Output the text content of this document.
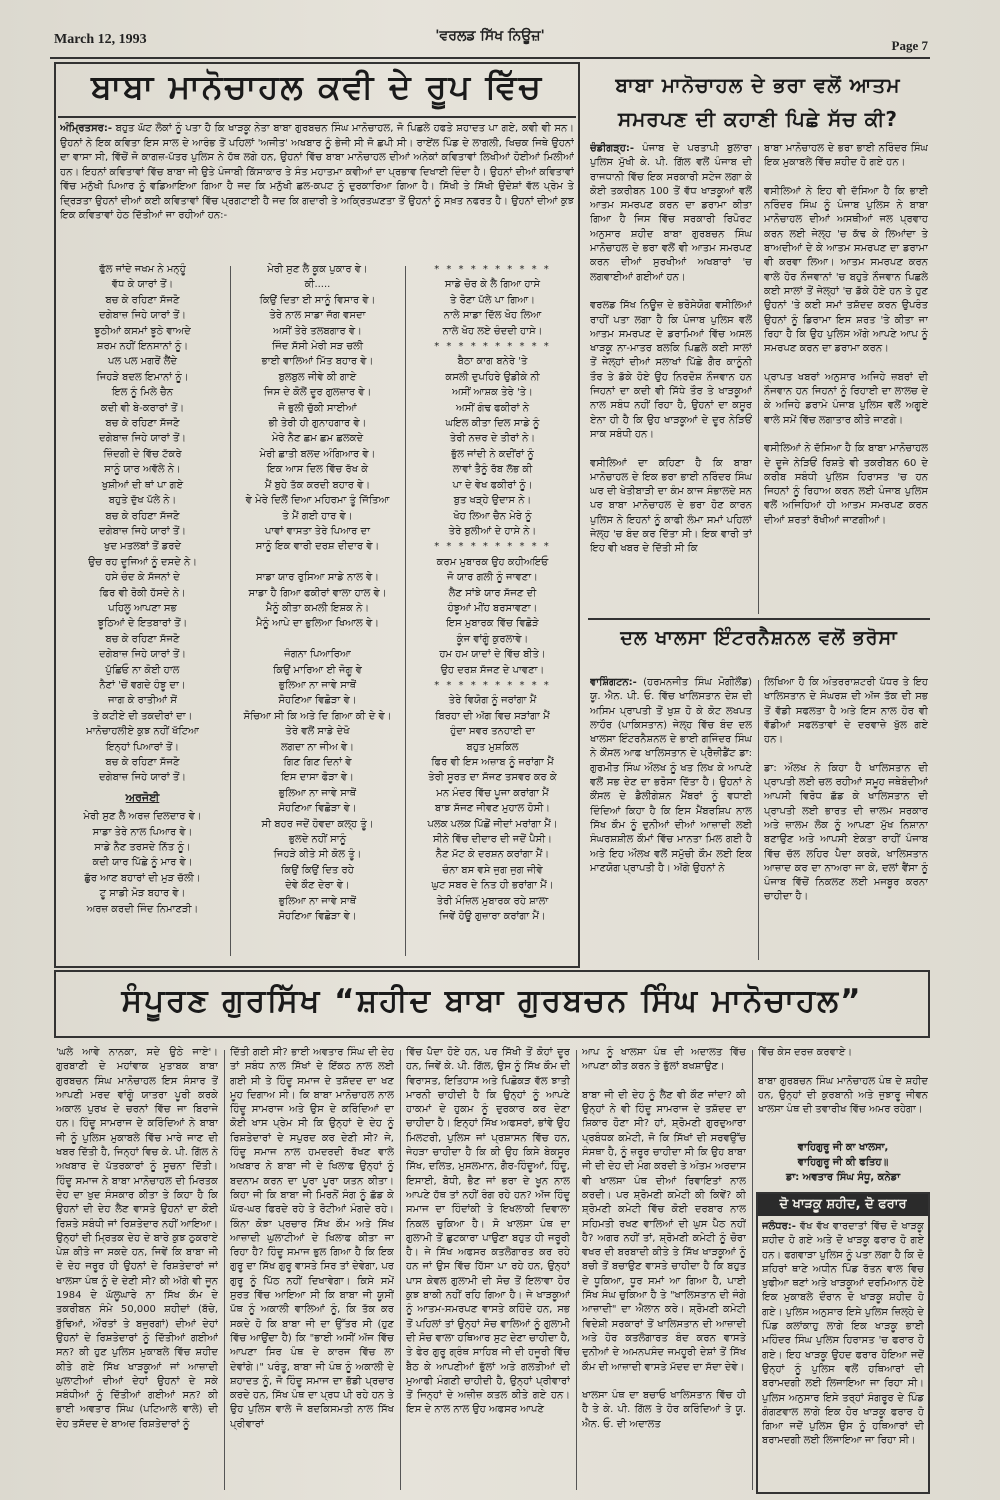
March 12, 1993	'ਵਰਲਡ ਸਿੱਖ ਨਿਊਜ਼'
Page 7
ਬਾਬਾ ਮਾਨੋਚਾਹਲ ਕਵੀ ਦੇ ਰੂਪ ਵਿੱਚ
ਅੰਮ੍ਰਿਤਸਰ:- ਬਹੁਤ ਘੱਟ ਲੋਕਾਂ ਨੂੰ ਪਤਾ ਹੈ ਕਿ ਖਾੜਕੂ ਨੇਤਾ ਬਾਬਾ ਗੁਰਬਚਨ ਸਿੰਘ ਮਾਨੋਚਾਹਲ, ਜੋ ਪਿਛਲੇ ਹਫਤੇ ਸ਼ਹਾਦਤ ਪਾ ਗਏ, ਕਵੀ ਵੀ ਸਨ। ਉਹਨਾਂ ਨੇ ਇਕ ਕਵਿਤਾ ਇਸ ਸਾਲ ਦੇ ਆਰੰਭ ਤੋਂ ਪਹਿਲਾਂ 'ਅਜੀਤ' ਅਖਬਾਰ ਨੂੰ ਭੇਜੀ ਸੀ ਜੋ ਛਪੀ ਸੀ। ਰਾਏਂਲ ਪਿੰਡ ਦੇ ਲਾਗਲੀ, ਖਿਚਕ ਜਿਥੇ ਉਹਨਾਂ ਦਾ ਵਾਸਾ ਸੀ, ਵਿੱਚੋਂ ਜੋ ਕਾਗਜ਼-ਪੱਤਰ ਪੁਲਿਸ ਨੇ ਹੱਥ ਲਗੇ ਹਨ, ਉਹਨਾਂ ਵਿੱਚ ਬਾਬਾ ਮਾਨੋਚਾਹਲ ਦੀਆਂ ਅਨੇਕਾਂ ਕਵਿਤਾਵਾਂ ਲਿਖੀਆਂ ਹੋਈਆਂ ਮਿਲੀਆਂ ਹਨ। ਇਹਨਾਂ ਕਵਿਤਾਵਾਂ ਵਿੱਚ ਬਾਬਾ ਜੀ ਉਤੇ ਪੰਜਾਬੀ ਕਿੱਸਾਕਾਰ ਤੇ ਸੰਤ ਮਹਾਤਮਾ ਕਵੀਆਂ ਦਾ ਪ੍ਰਭਾਵ ਦਿਖਾਈ ਦਿੰਦਾ ਹੈ। ਉਹਨਾਂ ਦੀਆਂ ਕਵਿਤਾਵਾਂ ਵਿੱਚ ਮਨੁੱਖੀ ਪਿਆਰ ਨੂੰ ਵਡਿਆਇਆ ਗਿਆ ਹੈ ਜਦ ਕਿ ਮਨੁੱਖੀ ਛਲ-ਕਪਟ ਨੂੰ ਦੁਰਕਾਰਿਆ ਗਿਆ ਹੈ। ਸਿੱਖੀ ਤੇ ਸਿੱਖੀ ਉਦੇਸ਼ਾਂ ਵੱਲ ਪ੍ਰੇਮ ਤੇ ਦ੍ਰਿੜਤਾ ਉਹਨਾਂ ਦੀਆਂ ਕਈ ਕਵਿਤਾਵਾਂ ਵਿੱਚ ਪ੍ਰਗਟਾਈ ਹੈ ਜਦ ਕਿ ਗਦਾਰੀ ਤੇ ਅਕ੍ਰਿਤਘਣਤਾ ਤੋਂ ਉਹਨਾਂ ਨੂੰ ਸਖ਼ਤ ਨਫਰਤ ਹੈ। ਉਹਨਾਂ ਦੀਆਂ ਕੁਝ ਇਕ ਕਵਿਤਾਵਾਂ ਹੇਠ ਦਿੱਤੀਆਂ ਜਾ ਰਹੀਆਂ ਹਨ:-
ਫੁੱਲ ਜਾਂਦੇ ਜਖਮ ਨੇ ਮਨ੍ਹੂੰ
ਵੱਧ ਕੇ ਯਾਰਾਂ ਤੋਂ।
ਬਚ ਕੇ ਰਹਿਣਾ ਸੱਜਣੋ
ਦਗੇਬਾਜ਼ ਜਿਹੇ ਯਾਰਾਂ ਤੋਂ।
ਝੂਠੀਆਂ ਕਸਮਾਂ ਝੂਠੇ ਵਾਅਦੇ
ਸ਼ਰਮ ਨਹੀਂ ਇਨਸਾਨਾਂ ਨੂੰ।
ਪਲ ਪਲ ਮਗਰੋਂ ਲੈਂਦੇ
ਜਿਹੜੇ ਬਦਲ ਇਮਾਨਾਂ ਨੂੰ।
ਇਲ ਨੂੰ ਮਿਲੇ ਚੈਨ
ਕਦੀ ਵੀ ਬੇ-ਕਰਾਰਾਂ ਤੋਂ।
ਬਚ ਕੇ ਰਹਿਣਾ ਸੱਜਣੋ
ਦਗੇਬਾਜ਼ ਜਿਹੇ ਯਾਰਾਂ ਤੋਂ।
ਜ਼ਿੰਦਗੀ ਦੇ ਵਿੱਚ ਟੱਕਰੇ
ਸਾਨੂੰ ਯਾਰ ਅਵੱਲੇ ਨੇ।
ਖੁਸ਼ੀਆਂ ਦੀ ਥਾਂ ਪਾ ਗਏ
ਬਹੁਤੇ ਦੁੱਖ ਪੱਲੇ ਨੇ।
ਬਚ ਕੇ ਰਹਿਣਾ ਸੱਜਣੋ
ਦਗੇਬਾਜ਼ ਜਿਹੇ ਯਾਰਾਂ ਤੋਂ।
ਖੁਦ ਮਤਲਬਾਂ ਤੋਂ ਡਰਦੇ
ਉਚ ਰਹ ਦੂਜਿਆਂ ਨੂੰ ਦਸਦੇ ਨੇ।
ਹਸੇ ਚੰਦ ਕੇ ਸੱਜਨਾਂ ਦੇ
ਫਿਰ ਵੀ ਰੋਕੀ ਹੱਸਦੇ ਨੇ।
ਪਹਿਲੂ ਆਪਣਾ ਸਭ
ਝੂਠਿਆਂ ਦੇ ਇਤਬਾਰਾਂ ਤੋਂ।
ਬਚ ਕੇ ਰਹਿਣਾ ਸੱਜਣੋ
ਦਗੇਬਾਜ਼ ਜਿਹੇ ਯਾਰਾਂ ਤੋਂ।
ਪੁੱਛਿਓ ਨਾ ਕੋਈ ਹਾਲ
ਨੈਣਾਂ 'ਚੋਂ ਵਗਦੇ ਹੰਝੂ ਦਾ।
ਜਾਗ ਕੇ ਰਾਤੀਆਂ ਸੋਂ
ਤੇ ਕਟੀਏ ਦੀ ਤਕਦੀਰਾਂ ਦਾ।
ਮਾਨੋਚਾਹਲੀਏ ਕੁਝ ਨਹੀਂ ਖੱਟਿਆ
ਇਨ੍ਹਾਂ ਪਿਆਰਾਂ ਤੋਂ।
ਬਚ ਕੇ ਰਹਿਣਾ ਸੱਜਣੋ
ਦਗੇਬਾਜ਼ ਜਿਹੇ ਯਾਰਾਂ ਤੋਂ।
ਅਰਜੋਈ
ਮੇਰੀ ਸੁਣ ਲੈ ਅਰਜ਼ ਦਿਲਦਾਰ ਵੇ।
ਸਾਡਾ ਤੇਰੇ ਨਾਲ ਪਿਆਰ ਵੇ।
ਸਾਡੇ ਨੈਣ ਤਰਸਦੇ ਨਿੱਤ ਨੂੰ।
ਕਦੀ ਯਾਰ ਪਿੱਛੇ ਨੂੰ ਮਾਰ ਵੇ।
ਛੁੱਰ ਆਣ ਬਹਾਰਾਂ ਦੀ ਮੁੜ ਚੱਲੀ।
ਟੂ ਸਾਡੀ ਮੋੜ ਬਹਾਰ ਵੇ।
ਅਰਜ਼ ਕਰਦੀ ਜਿੰਦ ਨਿਮਾਣੜੀ।
ਮੇਰੀ ਸੁਣ ਲੈ ਕੂਕ ਪੁਕਾਰ ਵੇ।
ਕੀ.....
ਕਿਉਂ ਦਿਤਾ ਈ ਸਾਨੂੰ ਵਿਸਾਰ ਵੇ।
ਤੇਰੇ ਨਾਲ ਸਾਡਾ ਜੱਗ ਵਸਦਾ
ਅਸੀਂ ਤੇਰੇ ਤਲਬਗਾਰ ਵੇ।
ਜਿੰਦ ਸੱਸੀ ਮੇਰੀ ਸੜ ਚਲੀ
ਭਾਈ ਵਾਲਿਆਂ ਮਿੱਤ ਬਹਾਰ ਵੇ।
ਬੁਲਬੁਲ ਜੀਵੇ ਕੀ ਗਾਏ
ਜਿਸ ਦੇ ਕੋਲੋਂ ਦੂਰ ਗੁਲਜ਼ਾਰ ਵੇ।
ਜੋ ਭੁਲੀ ਚੁੱਕੀ ਸਾਈਆਂ
ਭੀ ਤੇਰੀ ਹੀ ਗੁਨਾਹਗਾਰ ਵੇ।
ਮੇਰੇ ਨੈਣ ਛਮ ਛਮ ਛਲਕਦੇ
ਮੇਰੀ ਛਾਤੀ ਬਲਦ ਅੰਗਿਆਰ ਵੇ।
ਇਕ ਆਸ ਦਿਲ ਵਿੱਚ ਰੱਖ ਕੇ
ਮੈਂ ਬੁਹੇ ਤੱਕ ਕਰਦੀ ਬਹਾਰ ਵੇ।
ਵੇ ਮੇਰੇ ਦਿਲੋਂ ਦਿਆ ਮਹਿਰਮਾ ਤੂੰ ਜਿੱਤਿਆ
ਤੇ ਮੈਂ ਗਈ ਹਾਰ ਵੇ।
ਪਾਵਾਂ ਵਾਸਤਾ ਤੇਰੇ ਪਿਆਰ ਦਾ
ਸਾਨੂੰ ਇਕ ਵਾਰੀ ਦਰਸ਼ ਦੀਦਾਰ ਵੇ।

ਸਾਡਾ ਯਾਰ ਰੁਸਿਆ ਸਾਡੇ ਨਾਲ ਵੇ।
ਸਾਡਾ ਹੈ ਗਿਆ ਫਕੀਰਾਂ ਵਾਲਾ ਹਾਲ ਵੇ।
ਮੈਨੂੰ ਕੀਤਾ ਕਮਲੀ ਇਸ਼ਕ ਨੇ।
ਮੈਨੂੰ ਆਪੇ ਦਾ ਭੁਲਿਆ ਖਿਆਲ ਵੇ।

ਜੰਗਨਾ ਪਿਆਰਿਆ
ਕਿਉਂ ਮਾਰਿਆ ਈ ਜੋਗੂ ਵੇ
ਭੁਲਿਆ ਨਾ ਜਾਵੇ ਸਾਥੋਂ
ਸੋਹਣਿਆ ਵਿਛੋੜਾ ਵੇ।
ਸੋਚਿਆ ਸੀ ਕਿ ਅਤੇ ਦਿ ਗਿਆ ਕੀ ਦੇ ਵੇ।
ਤੇਰੇ ਵਲੋਂ ਸਾਡੇ ਦੇਖੋ
ਲਗਦਾ ਨਾ ਜੀਅ ਵੇ।
ਗਿਣ ਗਿਣ ਦਿਨਾਂ ਵੇ
ਇਸ ਦਾਸਾ ਫੋੜਾ ਵੇ।
ਭੁਲਿਆ ਨਾ ਜਾਵੇ ਸਾਥੋਂ
ਸੋਹਣਿਆ ਵਿਛੋੜਾ ਵੇ।
ਸੀ ਬਹਰ ਜਦੋਂ ਹੋਵਦਾ ਕਲ੍ਹ ਤੂੰ।
ਭੁਲਦੇ ਨਹੀਂ ਸਾਨੂੰ
ਜਿਹੜੇ ਕੀਤੇ ਸੀ ਕੋਲ ਤੂੰ।
ਕਿਉਂ ਕਿਉਂ ਦਿਤ ਰਹੇ
ਦੇਵੇ ਕੌਣ ਦੇਰਾ ਵੇ।
ਭੁਲਿਆ ਨਾ ਜਾਵੇ ਸਾਥੋਂ
ਸੋਹਣਿਆ ਵਿਛੋੜਾ ਵੇ।
* * * * * * * * * *
ਸਾਡੇ ਚੋਰ ਕੇ ਲੈ ਗਿਆ ਹਾਸੇ
ਤੇ ਰੋਣਾ ਪੱਲੇ ਪਾ ਗਿਆ।
ਨਾਲੇ ਸਾਡਾ ਦਿੱਲ ਖੋਹ ਲਿਆ
ਨਾਲੇ ਖੋਹ ਲਏ ਚੰਦਦੀ ਹਾਸੇ।
* * * * * * * * * *
ਬੈਠਾ ਕਾਗ ਬਨੇਰੇ 'ਤੇ
ਕਸਲੀ ਦੁਪਹਿਰੇ ਉਡੀਕੇ ਨੀ
ਅਸੀਂ ਆਸ਼ਕ ਤੇਰੇ 'ਤੇ।
ਅਸੀਂ ਗੰਢ ਫਕੀਰਾਂ ਨੇ
ਘਇਲ ਕੀਤਾ ਦਿਲ ਸਾਡੇ ਨੂੰ
ਤੇਰੀ ਨਜ਼ਰ ਦੇ ਤੀਰਾਂ ਨੇ।
ਭੁੱਲ ਜਾਂਦੀ ਨੇ ਕਦੀਂਰਾਂ ਨੂੰ
ਲਾਵਾਂ ਤੈਨੂੰ ਰੱਬ ਲੱਭ ਕੀ
ਪਾ ਦੇ ਵੇਖ ਫਕੀਰਾਂ ਨੂੰ।
ਬੁਤ ਖੜ੍ਹੇ ਉਦਾਸ ਨੇ।
ਖੋਹ ਲਿਆ ਚੈਨ ਮੇਰੇ ਨੂੰ
ਤੇਰੇ ਬੁਲੀਆਂ ਦੇ ਹਾਸੇ ਨੇ।
* * * * * * * * * *
ਕਰਮ ਮੁਬਾਰਕ ਉਹ ਕਹੀਅਇਓ
ਜੋ ਯਾਰ ਗਲੀ ਨੂੰ ਜਾਵਣਾ।
ਲੈਣ ਸਾਂਝੇ ਯਾਰ ਸੱਜਣ ਦੀ
ਹੰਝੂਆਂ ਮੀਂਹ ਬਰਸਾਵਣਾ।
ਇਸ ਮੁਬਾਰਕ ਵਿੱਚ ਵਿਛੋੜੇ
ਕੂੰਜ ਵਾਂਗੂੰ ਕੁਰਲਾਵੇ।
ਹਮ ਹਮ ਯਾਦਾਂ ਦੇ ਵਿੱਚ ਬੀਤੇ।
ਉਹ ਦਰਸ਼ ਸੱਜਣ ਦੇ ਪਾਵਣਾ।
* * * * * * * * * *
ਤੇਰੇ ਵਿਯੋਗ ਨੂੰ ਜਰਾਂਗਾ ਮੈਂ
ਬਿਰਹਾ ਦੀ ਅੱਗ ਵਿਚ ਸੜਾਂਗਾ ਮੈਂ
ਹੁੰਦਾ ਸਵਰ ਤਨਹਾਈ ਦਾ
ਬਹੁਤ ਮੁਸ਼ਕਿਲ
ਫਿਰ ਵੀ ਇਸ ਅਜ਼ਾਬ ਨੂੰ ਜਰਾਂਗਾ ਮੈਂ
ਤੇਰੀ ਸੂਰਤ ਦਾ ਸੱਜਣ ਤਸਵਰ ਕਰ ਕੇ
ਮਨ ਮੰਦਰ ਵਿੱਚ ਪੂਜਾ ਕਰਾਂਗਾ ਮੈਂ
ਬਾਝ ਸੱਜਣ ਜੀਵਣ ਮੁਹਾਲ ਹੋਸੀ।
ਪਲਕ ਪਲਕ ਪਿੱਛੋਂ ਜੀਦਾਂ ਮਰਾਂਗਾ ਮੈਂ।
ਸੀਨੇ ਵਿੱਚ ਦੀਦਾਰ ਦੀ ਜਦੋਂ ਪੈਸੀ।
ਨੈਣ ਮੱਟ ਕੇ ਦਰਸ਼ਨ ਕਰਾਂਗਾ ਮੈਂ।
ਚੰਨਾ ਬਸ ਵਸੇ ਜੁਗ ਜੁਗ ਜੀਵੇ
ਘੁਟ ਸਬਰ ਦੇ ਨਿਤ ਹੀ ਭਰਾਂਗਾ ਮੈਂ।
ਤੇਰੀ ਮੰਜ਼ਿਲ ਮੁਬਾਰਕ ਰਹੇ ਸ਼ਾਲਾ
ਜਿਵੇਂ ਹੋਊ ਗੁਜ਼ਾਰਾ ਕਰਾਂਗਾ ਮੈਂ।
ਬਾਬਾ ਮਾਨੋਚਾਹਲ ਦੇ ਭਰਾ ਵਲੋਂ ਆਤਮ ਸਮਰਪਣ ਦੀ ਕਹਾਣੀ ਪਿਛੇ ਸੱਚ ਕੀ?
ਚੰਡੀਗੜ੍ਹ:- ਪੰਜਾਬ ਦੇ ਪਰਤਾਪੀ ਬੁਲਾਰਾ ਪੁਲਿਸ ਮੁੱਖੀ ਕੇ. ਪੀ. ਗਿੱਲ ਵਲੋਂ ਪੰਜਾਬ ਦੀ ਰਾਜਧਾਨੀ ਵਿੱਚ ਇਕ ਸਰਕਾਰੀ ਸਟੇਜ ਲਗਾ ਕੇ ਕੋਈ ਤਕਰੀਬਨ 100 ਤੋਂ ਵੱਧ ਖਾੜਕੂਆਂ ਵਲੋਂ ਆਤਮ ਸਮਰਪਣ ਕਰਨ ਦਾ ਡਰਾਮਾ ਕੀਤਾ ਗਿਆ ਹੈ ਜਿਸ ਵਿੱਚ ਸਰਕਾਰੀ ਰਿਪੋਰਟ ਅਨੁਸਾਰ ਸ਼ਹੀਦ ਬਾਬਾ ਗੁਰਬਚਨ ਸਿੰਘ ਮਾਨੋਚਾਹਲ ਦੇ ਭਰਾ ਵਲੋਂ ਵੀ ਆਤਮ ਸਮਰਪਣ ਕਰਨ ਦੀਆਂ ਸੁਰਖੀਆਂ ਅਖਬਾਰਾਂ 'ਚ ਲਗਵਾਈਆਂ ਗਈਆਂ ਹਨ।

ਵਰਲਡ ਸਿੱਖ ਨਿਊਜ਼ ਦੇ ਭਰੋਸੇਯੋਗ ਵਸੀਲਿਆਂ ਰਾਹੀਂ ਪਤਾ ਲਗਾ ਹੈ ਕਿ ਪੰਜਾਬ ਪੁਲਿਸ ਵਲੋਂ ਆਤਮ ਸਮਰਪਣ ਦੇ ਡਰਾਮਿਆਂ ਵਿੱਚ ਅਸਲ ਖਾੜਕੂ ਨਾ-ਮਾਤਰ ਬਲਕਿ ਪਿਛਲੇ ਕਈ ਸਾਲਾਂ ਤੋਂ ਜੇਲ੍ਹਾਂ ਦੀਆਂ ਸਲਾਖਾਂ ਪਿੱਛੇ ਗੈਰ ਕਾਨੂੰਨੀ ਤੌਰ ਤੇ ਡੱਕੇ ਹੋਏ ਉਹ ਨਿਰਦੋਸ਼ ਨੌਜਵਾਨ ਹਨ ਜਿਹਨਾਂ ਦਾ ਕਦੀ ਵੀ ਸਿੱਧੇ ਤੌਰ ਤੇ ਖਾੜਕੂਆਂ ਨਾਲ ਸਬੰਧ ਨਹੀਂ ਰਿਹਾ ਹੈ, ਉਹਨਾਂ ਦਾ ਕਸੂਰ ਏਨਾ ਹੀ ਹੈ ਕਿ ਉਹ ਖਾੜਕੂਆਂ ਦੇ ਦੂਰ ਨੇੜਿਓਂ ਸਾਕ ਸਬੰਧੀ ਹਨ।

ਵਸੀਲਿਆਂ ਦਾ ਕਹਿਣਾ ਹੈ ਕਿ ਬਾਬਾ ਮਾਨੋਚਾਹਲ ਦੇ ਇਕ ਭਰਾ ਭਾਈ ਨਰਿੰਦਰ ਸਿੰਘ ਘਰ ਦੀ ਖੇਤੀਬਾੜੀ ਦਾ ਕੰਮ ਕਾਜ ਸੰਭਾਲਦੇ ਸਨ ਪਰ ਬਾਬਾ ਮਾਨੋਚਾਹਲ ਦੇ ਭਰਾ ਹੋਣ ਕਾਰਨ ਪੁਲਿਸ ਨੇ ਇਹਨਾਂ ਨੂੰ ਕਾਫੀ ਲੰਮਾ ਸਮਾਂ ਪਹਿਲਾਂ ਜੇਲ੍ਹ 'ਚ ਬੰਦ ਕਰ ਦਿੱਤਾ ਸੀ। ਇਕ ਵਾਰੀ ਤਾਂ ਇਹ ਵੀ ਖਬਰ ਦੇ ਦਿੱਤੀ ਸੀ ਕਿ
ਬਾਬਾ ਮਾਨੋਚਾਹਲ ਦੇ ਭਰਾ ਭਾਈ ਨਰਿੰਦਰ ਸਿੰਘ ਇਕ ਮੁਕਾਬਲੇ ਵਿੱਚ ਸ਼ਹੀਦ ਹੋ ਗਏ ਹਨ।

ਵਸੀਲਿਆਂ ਨੇ ਇਹ ਵੀ ਦੱਸਿਆ ਹੈ ਕਿ ਭਾਈ ਨਰਿੰਦਰ ਸਿੰਘ ਨੂੰ ਪੰਜਾਬ ਪੁਲਿਸ ਨੇ ਬਾਬਾ ਮਾਨੋਚਾਹਲ ਦੀਆਂ ਅਸਥੀਆਂ ਜਲ ਪ੍ਰਵਾਹ ਕਰਨ ਲਈ ਜੇਲ੍ਹ 'ਚ ਕੱਢ ਕੇ ਲਿਆਂਦਾ ਤੇ ਬਾਅਦੀਆਂ ਦੇ ਕੇ ਆਤਮ ਸਮਰਪਣ ਦਾ ਡਰਾਮਾ ਵੀ ਕਰਵਾ ਲਿਆ। ਆਤਮ ਸਮਰਪਣ ਕਰਨ ਵਾਲੇ ਹੋਰ ਨੌਜਵਾਨਾਂ 'ਚ ਬਹੁਤੇ ਨੌਜਵਾਨ ਪਿਛਲੇ ਕਈ ਸਾਲਾਂ ਤੋਂ ਜੇਲ੍ਹਾਂ 'ਚ ਡੱਕੇ ਹੋਏ ਹਨ ਤੇ ਹੁਣ ਉਹਨਾਂ 'ਤੇ ਕਈ ਸਮਾਂ ਤਸ਼ੱਦਦ ਕਰਨ ਉਪਰੰਤ ਉਹਨਾਂ ਨੂੰ ਡਿਰਾਮਾ ਇਸ ਸ਼ਰਤ 'ਤੇ ਕੀਤਾ ਜਾ ਰਿਹਾ ਹੈ ਕਿ ਉਹ ਪੁਲਿਸ ਅੱਗੇ ਆਪਣੇ ਆਪ ਨੂੰ ਸਮਰਪਣ ਕਰਨ ਦਾ ਡਰਾਮਾ ਕਰਨ।

ਪ੍ਰਾਪਤ ਖਬਰਾਂ ਅਨੁਸਾਰ ਅਜਿਹੇ ਜ਼ਬਰਾਂ ਦੀ ਨੌਜਵਾਨ ਹਨ ਜਿਹਨਾਂ ਨੂੰ ਰਿਹਾਈ ਦਾ ਲਾਲਚ ਦੇ ਕੇ ਅਜਿਹੇ ਡਰਾਮੇ ਪੰਜਾਬ ਪੁਲਿਸ ਵਲੋਂ ਅਗੂਏ ਵਾਲੇ ਸਮੇਂ ਵਿੱਚ ਲਗਾਤਾਰ ਕੀਤੇ ਜਾਣਗੇ।

ਵਸੀਲਿਆਂ ਨੇ ਦੱਸਿਆ ਹੈ ਕਿ ਬਾਬਾ ਮਾਨੋਚਾਹਲ ਦੇ ਦੂਜੇ ਨੇੜਿਓਂ ਰਿਸ਼ਤੇ ਵੀ ਤਕਰੀਬਨ 60 ਦੇ ਕਰੀਬ ਸਬੰਧੀ ਪੁਲਿਸ ਹਿਰਾਸਤ 'ਚ ਹਨ ਜਿਹਨਾਂ ਨੂੰ ਰਿਹਾਅ ਕਰਨ ਲਈ ਪੰਜਾਬ ਪੁਲਿਸ ਵਲੋਂ ਅਜਿਹਿਆਂ ਹੀ ਆਤਮ ਸਮਰਪਣ ਕਰਨ ਦੀਆਂ ਸ਼ਰਤਾਂ ਰੱਖੀਆਂ ਜਾਣਗੀਆਂ।
ਦਲ ਖਾਲਸਾ ਇੰਟਰਨੈਸ਼ਨਲ ਵਲੋਂ ਭਰੋਸਾ
ਵਾਸ਼ਿੰਗਟਨ:- (ਹਰਮਨਜੀਤ ਸਿੰਘ ਮੋਗੀਲੌਂਡ) ਯੂ. ਐਨ. ਪੀ. ਓ. ਵਿੱਚ ਖਾਲਿਸਤਾਨ ਦੇਸ਼ ਦੀ ਅਸਿਮ ਪ੍ਰਾਪਤੀ ਤੋਂ ਖੁਸ਼ ਹੋ ਕੇ ਕੋਟ ਲਖਪਤ ਲਾਹੌਰ (ਪਾਕਿਸਤਾਨ) ਜੇਲ੍ਹ ਵਿੱਚ ਬੰਦ ਦਲ ਖਾਲਸਾ ਇੰਟਰਨੈਸ਼ਨਲ ਦੇ ਭਾਈ ਗਜਿੰਦਰ ਸਿੰਘ ਨੇ ਕੌਂਸਲ ਆਫ ਖਾਲਿਸਤਾਨ ਦੇ ਪ੍ਰੈਜ਼ੀਡੈਂਟ ਡਾ: ਗੁਰਮੀਤ ਸਿੰਘ ਔਲਖ ਨੂੰ ਖਤ ਲਿਖ ਕੇ ਆਪਣੇ ਵਲੋਂ ਸਭ ਦੇਣ ਦਾ ਭਰੋਸਾ ਦਿੱਤਾ ਹੈ। ਉਹਨਾਂ ਨੇ ਕੌਂਸਲ ਦੇ ਡੈਲੀਗੇਸ਼ਨ ਮੈਂਬਰਾਂ ਨੂੰ ਵਧਾਈ ਦਿੰਦਿਆਂ ਕਿਹਾ ਹੈ ਕਿ ਇਸ ਮੈਂਬਰਸ਼ਿਪ ਨਾਲ ਸਿੱਖ ਕੌਮ ਨੂੰ ਦੁਨੀਆਂ ਦੀਆਂ ਆਜ਼ਾਦੀ ਲਈ ਸੰਘਰਸ਼ਸ਼ੀਲ ਕੌਮਾਂ ਵਿੱਚ ਮਾਨਤਾ ਮਿਲ ਗਈ ਹੈ ਅਤੇ ਇਹ ਔਲਖ ਵਲੋਂ ਸਮੁੱਚੀ ਕੌਮ ਲਈ ਇਕ ਮਾਣਯੋਗ ਪ੍ਰਾਪਤੀ ਹੈ। ਅੱਗੇ ਉਹਨਾਂ ਨੇ
ਲਿਖਿਆ ਹੈ ਕਿ ਅੰਤਰਰਾਸ਼ਟਰੀ ਪੱਧਰ ਤੇ ਇਹ ਖਾਲਿਸਤਾਨ ਦੇ ਸੰਘਰਸ਼ ਦੀ ਅੱਜ ਤੱਕ ਦੀ ਸਭ ਤੋਂ ਵੱਡੀ ਸਫਲਤਾ ਹੈ ਅਤੇ ਇਸ ਨਾਲ ਹੋਰ ਵੀ ਵੱਡੀਆਂ ਸਫਲਤਾਵਾਂ ਦੇ ਦਰਵਾਜ਼ੇ ਖੁੱਲ ਗਏ ਹਨ।

ਡਾ: ਔਲਖ ਨੇ ਕਿਹਾ ਹੈ ਖਾਲਿਸਤਾਨ ਦੀ ਪ੍ਰਾਪਤੀ ਲਈ ਚਲ ਰਹੀਆਂ ਸਮੂਹ ਜਥੇਬੰਦੀਆਂ ਆਪਸੀ ਵਿਰੋਧ ਛੱਡ ਕੇ ਖਾਲਿਸਤਾਨ ਦੀ ਪ੍ਰਾਪਤੀ ਲਈ ਭਾਰਤ ਦੀ ਜ਼ਾਲਮ ਸਰਕਾਰ ਅਤੇ ਜ਼ਾਲਮ ਲੋਕ ਨੂੰ ਆਪਣਾ ਮੁੱਖ ਨਿਸ਼ਾਨਾ ਬਣਾਉਣ ਅਤੇ ਆਪਸੀ ਏਕਤਾ ਰਾਹੀਂ ਪੰਜਾਬ ਵਿੱਚ ਚੱਲ ਲਹਿਰ ਪੈਦਾ ਕਰਕੇ, ਖਾਲਿਸਤਾਨ ਆਜ਼ਾਦ ਕਰ ਦਾ ਨਾਅਰਾ ਜਾ ਕੇ, ਦਲਾਂ ਵੈਂਸਾ ਨੂੰ ਪੰਜਾਬ ਵਿੱਚੋਂ ਨਿਕਲਣ ਲਈ ਮਜਬੂਰ ਕਰਨਾ ਚਾਹੀਦਾ ਹੈ।
ਸੰਪੂਰਣ ਗੁਰਸਿੱਖ “ਸ਼ਹੀਦ ਬਾਬਾ ਗੁਰਬਚਨ ਸਿੰਘ ਮਾਨੋਚਾਹਲ”
'ਘਲੇ ਆਵੇ ਨਾਨਕਾ, ਸਦੇ ਉਠੇ ਜਾਏ'। ਗੁਰਬਾਣੀ ਦੇ ਮਹਾਂਵਾਕ ਮੁਤਾਬਕ ਬਾਬਾ ਗੁਰਬਚਨ ਸਿੰਘ ਮਾਨੋਚਾਹਲ ਇਸ ਸੰਸਾਰ ਤੋਂ ਆਪਣੀ ਮਰਦ ਵਾਂਗੂੰ ਯਾਤਰਾ ਪੂਰੀ ਕਰਕੇ ਅਕਾਲ ਪੁਰਖ ਦੇ ਚਰਨਾਂ ਵਿੱਚ ਜਾ ਬਿਰਾਜੇ ਹਨ। ਹਿੰਦੂ ਸਾਮਰਾਜ ਦੇ ਕਰਿੰਦਿਆਂ ਨੇ ਬਾਬਾ ਜੀ ਨੂੰ ਪੁਲਿਸ ਮੁਕਾਬਲੇ ਵਿੱਚ ਮਾਰੇ ਜਾਣ ਦੀ ਖਬਰ ਦਿੱਤੀ ਹੈ, ਜਿਨ੍ਹਾਂ ਵਿਚ ਕੇ. ਪੀ. ਗਿੱਲ ਨੇ ਅਖਬਾਰ ਦੇ ਪੱਤਰਕਾਰਾਂ ਨੂੰ ਸੂਚਨਾ ਦਿੱਤੀ। ਹਿੰਦੂ ਸਮਾਜ ਨੇ ਬਾਬਾ ਮਾਨੋਚਾਹਲ ਦੀ ਮਿਰਤਕ ਦੇਹ ਦਾ ਖੁਦ ਸੰਸਕਾਰ ਕੀਤਾ ਤੇ ਕਿਹਾ ਹੈ ਕਿ ਉਹਨਾਂ ਦੀ ਦੇਹ ਲੈਣ ਵਾਸਤੇ ਉਹਨਾਂ ਦਾ ਕੋਈ ਰਿਸ਼ਤੇ ਸਬੰਧੀ ਜਾਂ ਰਿਸ਼ਤੇਦਾਰ ਨਹੀਂ ਆਇਆ। ਉਨ੍ਹਾਂ ਦੀ ਮ੍ਰਿਤਕ ਦੇਹ ਦੇ ਬਾਰੇ ਕੁਝ ਠੁਕਰਾਏ ਪੇਸ਼ ਕੀਤੇ ਜਾ ਸਕਦੇ ਹਨ, ਜਿਵੇਂ ਕਿ ਬਾਬਾ ਜੀ ਦੇ ਦੇਹ ਜਰੂਰ ਹੀ ਉਹਨਾਂ ਦੇ ਰਿਸ਼ਤੇਦਾਰਾਂ ਜਾਂ ਖਾਲਸਾ ਪੰਥ ਨੂੰ ਦੇ ਦੇਣੀ ਸੀ? ਕੀ ਅੱਗੇ ਵੀ ਜੂਨ 1984 ਦੇ ਘੱਲੂਘਾਰੇ ਨਾ ਸਿੱਖ ਕੌਮ ਦੇ ਤਕਰੀਬਨ ਸੰਮੇ 50,000 ਸ਼ਹੀਦਾਂ (ਬੱਚੇ, ਬੁੱਢਿਆਂ, ਔਰਤਾਂ ਤੇ ਬਜੁਰਗਾਂ) ਦੀਆਂ ਦੇਹਾਂ ਉਹਨਾਂ ਦੇ ਰਿਸ਼ਤੇਦਾਰਾਂ ਨੂੰ ਦਿੱਤੀਆਂ ਗਈਆਂ ਸਨ? ਕੀ ਹੁਣ ਪੁਲਿਸ ਮੁਕਾਬਲੇ ਵਿੱਚ ਸ਼ਹੀਦ ਕੀਤੇ ਗਏ ਸਿੱਖ ਖਾੜਕੂਆਂ ਜਾਂ ਆਜ਼ਾਦੀ ਘੁਲਾਟੀਆਂ ਦੀਆਂ ਦੇਹਾਂ ਉਹਨਾਂ ਦੇ ਸਕੇ ਸਬੰਧੀਆਂ ਨੂੰ ਦਿੱਤੀਆਂ ਗਈਆਂ ਸਨ? ਕੀ ਭਾਈ ਅਵਤਾਰ ਸਿੰਘ (ਪਟਿਆਲੇ ਵਾਲੇ) ਦੀ ਦੇਹ ਤਸੱਦਦ ਦੇ ਬਾਅਦ ਰਿਸ਼ਤੇਦਾਰਾਂ ਨੂੰ
ਦਿੱਤੀ ਗਈ ਸੀ? ਭਾਈ ਅਵਤਾਰ ਸਿੰਘ ਦੀ ਦੇਹ ਤਾਂ ਸਬੰਧ ਨਾਲ ਸਿੱਖਾਂ ਦੇ ਇੱਕਠ ਨਾਲ ਲਈ ਗਈ ਸੀ ਤੇ ਹਿੰਦੂ ਸਮਾਜ ਦੇ ਤਸ਼ੱਦਦ ਦਾ ਖਣ ਮੂਹ ਦਿਗਾਅ ਸੀ। ਕਿ ਬਾਬਾ ਮਾਨੋਚਾਹਲ ਨਾਲ ਹਿੰਦੂ ਸਾਮਰਾਜ ਅਤੇ ਉਸ ਦੇ ਕਰਿੰਦਿਆਂ ਦਾ ਕੋਈ ਖਾਸ ਪ੍ਰੇਮ ਸੀ ਕਿ ਉਨ੍ਹਾਂ ਦੇ ਦੇਹ ਨੂੰ ਰਿਸ਼ਤੇਦਾਰਾਂ ਦੇ ਸਪੁਰਦ ਕਰ ਦੇਣੀ ਸੀ? ਜੇ, ਹਿੰਦੂ ਸਮਾਜ ਨਾਲ ਹਮਦਰਦੀ ਰੱਖਣ ਵਾਲੇ ਅਖਬਾਰ ਨੇ ਬਾਬਾ ਜੀ ਦੇ ਖਿਲਾਫ ਉਨ੍ਹਾਂ ਨੂੰ ਬਦਨਾਮ ਕਰਨ ਦਾ ਪੂਰਾ ਪੂਰਾ ਯਤਨ ਕੀਤਾ। ਕਿਹਾ ਜੀ ਕਿ ਬਾਬਾ ਜੀ ਮਿਰਨੋਂ ਸੰਗ ਨੂੰ ਛੱਡ ਕੇ ਘੱਰ-ਘਰ ਫਿਰਦੇ ਰਹੇ ਤੇ ਰੋਟੀਆਂ ਮੰਗਦੇ ਰਹੇ। ਕਿੰਨਾ ਕੋਝਾ ਪ੍ਰਚਾਰ ਸਿੱਖ ਕੌਮ ਅਤੇ ਸਿੱਖ ਆਜ਼ਾਦੀ ਘੁਲਾਟੀਆਂ ਦੇ ਖਿਲਾਫ ਕੀਤਾ ਜਾ ਰਿਹਾ ਹੈ? ਹਿੰਦੂ ਸਮਾਜ ਭੁਲ ਗਿਆ ਹੈ ਕਿ ਇਕ ਗੁਰੂ ਦਾ ਸਿੱਖ ਗੁਰੂ ਵਾਸਤੇ ਸਿਰ ਤਾਂ ਦੇਵੇਗਾ, ਪਰ ਗੁਰੂ ਨੂੰ ਪਿੱਠ ਨਹੀਂ ਦਿਖਾਵੇਗਾ। ਕਿਸੇ ਸਮੇਂ ਸੁਰਤ ਵਿੱਚ ਆਇਆ ਸੀ ਕਿ ਬਾਬਾ ਜੀ ਯੂਸੀਂ ਪੱਥ ਨੂੰ ਅਕਾਲੀ ਵਾਲਿਆਂ ਨੂੰ, ਕਿ ਤੱਕ ਕਰ ਸਕਦੇ ਹੋ ਕਿ ਬਾਬਾ ਜੀ ਦਾ ਉੱਤਰ ਸੀ (ਹੁਣ ਵਿੱਚ ਆਉਂਦਾ ਹੈ) ਕਿ "ਭਾਈ ਅਸੀਂ ਅੱਜ ਵਿੱਚ ਆਪਣਾ ਸਿਰ ਪੰਥ ਦੇ ਕਾਰਜ ਵਿੱਚ ਲਾ ਦੇਵਾਂਗੇ।" ਪਰੰਤੂ, ਬਾਬਾ ਜੀ ਪੰਥ ਨੂੰ ਅਕਾਲੀ ਦੇ ਸ਼ਹਾਦਤ ਨੂੰ, ਜੋ ਹਿੰਦੂ ਸਮਾਜ ਦਾ ਭੱਡੀ ਪ੍ਰਚਾਰ ਕਰਦੇ ਹਨ, ਸਿੱਖ ਪੰਥ ਦਾ ਪ੍ਰਧ ਪੀ ਰਹੇ ਹਨ ਤੇ ਉਹ ਪੁਲਿਸ ਵਾਲੇ ਜੋ ਬਦਕਿਸਮਤੀ ਨਾਲ ਸਿੱਖ ਪ੍ਰੀਵਾਰਾਂ
ਵਿੱਚ ਪੈਦਾ ਹੋਏ ਹਨ, ਪਰ ਸਿੱਖੀ ਤੋਂ ਕੋਹਾਂ ਦੂਰ ਹਨ, ਜਿਵੇਂ ਕੇ. ਪੀ. ਗਿੱਲ, ਉਸ ਨੂੰ ਸਿੱਖ ਕੌਮ ਦੀ ਵਿਰਾਸਤ, ਇਤਿਹਾਸ ਅਤੇ ਪਿਛੋਕੜ ਵੱਲ ਝਾਤੀ ਮਾਰਨੀ ਚਾਹੀਦੀ ਹੈ ਕਿ ਉਨ੍ਹਾਂ ਨੂੰ ਆਪਣੇ ਹਾਕਮਾਂ ਦੇ ਹੁਕਮ ਨੂੰ ਦੁਰਕਾਰ ਕਰ ਦੇਣਾ ਚਾਹੀਦਾ ਹੈ। ਇਨ੍ਹਾਂ ਸਿੱਖ ਅਫਸਰਾਂ, ਭਾਂਵੇ ਉਹ ਮਿਲਟਰੀ, ਪੁਲਿਸ ਜਾਂ ਪ੍ਰਸ਼ਾਸਨ ਵਿੱਚ ਹਨ, ਜੇਹੜਾ ਚਾਹੀਦਾ ਹੈ ਕਿ ਕੀ ਉਹ ਕਿਸੇ ਬੇਕਸੂਰ ਸਿੱਖ, ਦਲਿਤ, ਮੁਸਲਮਾਨ, ਗੈਰ-ਹਿੰਦੂਆਂ, ਹਿੰਦੂ, ਇਸਾਈ, ਬੋਧੀ, ਭੈਣ ਜਾਂ ਭਰਾ ਦੇ ਖੂਨ ਨਾਲ ਆਪਣੇ ਹੱਥ ਤਾਂ ਨਹੀਂ ਰੰਗ ਰਹੇ ਹਨ? ਅੱਜ ਹਿੰਦੂ ਸਮਾਜ ਦਾ ਹਿੰਦਾਂਕੀ ਤੇ ਇਖਲਾਕੀ ਦਿਵਾਲਾ ਨਿਕਲ ਚੁਕਿਆ ਹੈ। ਸੋ ਖਾਲਸਾ ਪੰਥ ਦਾ ਗੁਲਾਮੀ ਤੋਂ ਛੁਟਕਾਰਾ ਪਾਉਣਾ ਬਹੁਤ ਹੀ ਜਰੂਰੀ ਹੈ। ਜੇ ਸਿੱਖ ਅਫਸਰ ਕਤਲੋਗਾਰਤ ਕਰ ਰਹੇ ਹਨ ਜਾਂ ਉਸ ਵਿੱਚ ਹਿੱਸਾ ਪਾ ਰਹੇ ਹਨ, ਉਨ੍ਹਾਂ ਪਾਸ ਕੇਵਲ ਗੁਲਾਮੀ ਦੀ ਸੋਚ ਤੋਂ ਇਲਾਵਾ ਹੋਰ ਕੁਝ ਬਾਕੀ ਨਹੀਂ ਰਹਿ ਗਿਆ ਹੈ। ਜੇ ਖਾੜਕੂਆਂ ਨੂੰ ਆਤਮ-ਸਮਰਪਣ ਵਾਸਤੇ ਕਹਿੰਦੇ ਹਨ, ਸਭ ਤੋਂ ਪਹਿਲਾਂ ਤਾਂ ਉਨ੍ਹਾਂ ਸੋਚ ਵਾਲਿਆਂ ਨੂੰ ਗੁਲਾਮੀ ਦੀ ਸੋਚ ਵਾਲਾ ਹਥਿਆਰ ਸੁਟ ਦੇਣਾ ਚਾਹੀਦਾ ਹੈ, ਤੇ ਫੇਰ ਗੁਰੂ ਗ੍ਰੰਥ ਸਾਹਿਬ ਜੀ ਦੀ ਹਜੂਰੀ ਵਿੱਚ ਬੈਠ ਕੇ ਆਪਣੀਆਂ ਭੁੱਲਾਂ ਅਤੇ ਗਲਤੀਆਂ ਦੀ ਮੁਆਫੀ ਮੰਗਣੀ ਚਾਹੀਦੀ ਹੈ, ਉਨ੍ਹਾਂ ਪ੍ਰੀਵਾਰਾਂ ਤੋਂ ਜਿਨ੍ਹਾਂ ਦੇ ਅਜ਼ੀਜ਼ ਕਤਲ ਕੀਤੇ ਗਏ ਹਨ। ਇਸ ਦੇ ਨਾਲ ਨਾਲ ਉਹ ਅਫਸਰ ਆਪਣੇ
ਆਪ ਨੂੰ ਖਾਲਸਾ ਪੰਥ ਦੀ ਅਦਾਲਤ ਵਿੱਚ ਆਪਣਾ ਕੀਤ ਕਰਨ ਤੇ ਭੁੱਲਾਂ ਬਖਸ਼ਾਉਣ।

ਬਾਬਾ ਜੀ ਦੀ ਦੇਹ ਨੂੰ ਲੈਣ ਵੀ ਕੌਣ ਜਾਂਦਾ? ਕੀ ਉਨ੍ਹਾਂ ਨੇ ਵੀ ਹਿੰਦੂ ਸਾਮਰਾਜ ਦੇ ਤਸ਼ੱਦਦ ਦਾ ਸ਼ਿਕਾਰ ਹੋਣਾ ਸੀ? ਹਾਂ, ਸ਼੍ਰੋਮਣੀ ਗੁਰਦੁਆਰਾ ਪ੍ਰਬੰਧਕ ਕਮੇਟੀ, ਜੋ ਕਿ ਸਿੱਖਾਂ ਦੀ ਸਰਵਉੱਚ ਸੰਸਥਾ ਹੈ, ਨੂੰ ਜ਼ਰੂਰ ਚਾਹੀਦਾ ਸੀ ਕਿ ਉਹ ਬਾਬਾ ਜੀ ਦੀ ਦੇਹ ਦੀ ਮੰਗ ਕਰਦੀ ਤੇ ਅੰਤਮ ਅਰਦਾਸ ਵੀ ਖਾਲਸਾ ਪੰਥ ਦੀਆਂ ਰਿਵਾਇਤਾਂ ਨਾਲ ਕਰਦੀ। ਪਰ ਸ਼੍ਰੋਮਣੀ ਕਮੇਟੀ ਕੀ ਕਿਵੇਂ? ਕੀ ਸ਼੍ਰੋਮਣੀ ਕਮੇਟੀ ਵਿੱਚ ਕੋਈ ਦਰਬਾਰ ਨਾਲ ਸਹਿਮਤੀ ਰਖਣ ਵਾਲਿਆਂ ਦੀ ਘੁਸ ਪੈਠ ਨਹੀਂ ਹੈ? ਅਗਰ ਨਹੀਂ ਤਾਂ, ਸ਼੍ਰੋਮਣੀ ਕਮੇਟੀ ਨੂੰ ਚੋਰਾ ਵਖਰ ਦੀ ਬਰਬਾਦੀ ਕੀਤੇ ਤੇ ਸਿੱਖ ਖਾੜਕੂਆਂ ਨੂੰ ਬਚੀ ਤੋਂ ਬਚਾਉਣ ਵਾਸਤੇ ਚਾਹੀਦਾ ਹੈ ਕਿ ਬਹੁਤ ਦੇ ਧੂਕਿਆ, ਧੂਰ ਸਮਾਂ ਆ ਗਿਆ ਹੈ, ਪਾਈ ਸਿੱਖ ਸੰਘ ਚੁਕਿਆ ਹੈ ਤੇ "ਖਾਲਿਸਤਾਨ ਦੀ ਜੰਗੇ ਆਜ਼ਾਦੀ" ਦਾ ਐਲਾਨ ਕਰੇ। ਸ਼੍ਰੋਮਣੀ ਕਮੇਟੀ ਵਿਦੇਸ਼ੀ ਸਰਕਾਰਾਂ ਤੋਂ ਖਾਲਿਸਤਾਨ ਦੀ ਆਜ਼ਾਦੀ ਅਤੇ ਹੋਰ ਕਤਲੋਗਾਰਤ ਬੰਦ ਕਰਨ ਵਾਸਤੇ ਦੁਨੀਆਂ ਦੇ ਅਮਨਪਸੰਦ ਜਮਹੂਰੀ ਦੇਸ਼ਾਂ ਤੋਂ ਸਿੱਖ ਕੌਮ ਦੀ ਆਜ਼ਾਦੀ ਵਾਸਤੇ ਮੱਦਦ ਦਾ ਸੱਦਾ ਦੇਵੇ।

ਖਾਲਸਾ ਪੰਥ ਦਾ ਬਚਾਓ ਖਾਲਿਸਤਾਨ ਵਿੱਚ ਹੀ ਹੈ ਤੇ ਕੇ. ਪੀ. ਗਿੱਲ ਤੇ ਹੋਰ ਕਰਿੰਦਿਆਂ ਤੇ ਯੂ. ਐਨ. ਓ. ਦੀ ਅਦਾਲਤ
ਵਿੱਚ ਕੇਸ ਦਰਜ਼ ਕਰਵਾਏ।

ਬਾਬਾ ਗੁਰਬਚਨ ਸਿੰਘ ਮਾਨੋਚਾਹਲ ਪੰਥ ਦੇ ਸ਼ਹੀਦ ਹਨ, ਉਨ੍ਹਾਂ ਦੀ ਕੁਰਬਾਨੀ ਅਤੇ ਜੁਝਾਰੂ ਜੀਵਨ ਖਾਲਸਾ ਪੰਥ ਦੀ ਤਵਾਰੀਖ ਵਿੱਚ ਅਮਰ ਰਹੇਗਾ।
ਵਾਹਿਗੁਰੂ ਜੀ ਕਾ ਖਾਲਸਾ,
ਵਾਹਿਗੁਰੂ ਜੀ ਕੀ ਫਤਿਹ॥
ਡਾ: ਅਵਤਾਰ ਸਿੰਘ ਸੰਧੂ, ਕਨੇਡਾ
ਦੋ ਖਾੜਕੂ ਸ਼ਹੀਦ, ਦੋ ਫਰਾਰ
ਜਲੰਧਰ:- ਵੱਖ ਵੱਖ ਵਾਰਦਾਤਾਂ ਵਿੱਚ ਦੋ ਖਾੜਕੂ ਸ਼ਹੀਦ ਹੋ ਗਏ ਅਤੇ ਦੋ ਖਾੜਕੂ ਫਰਾਰ ਹੋ ਗਏ ਹਨ। ਫਗਵਾੜਾ ਪੁਲਿਸ ਨੂੰ ਪਤਾ ਲਗਾ ਹੈ ਕਿ ਦੋ ਸ਼ਹਿਰਾਂ ਥਾਣੇ ਅਧੀਨ ਪਿੰਡ ਰੱਤਨ ਵਾਲ ਵਿਚ ਖੁਫੀਆ ਥਣਾਂ ਅਤੇ ਖਾੜਕੂਆਂ ਦਰਮਿਆਨ ਹੋਏ ਇਕ ਮੁਕਾਬਲੇ ਦੌਰਾਨ ਦੋ ਖਾੜਕੂ ਸ਼ਹੀਦ ਹੋ ਗਏ। ਪੁਲਿਸ ਅਨੁਸਾਰ ਇਸੇ ਪੁਲਿਸ ਜ਼ਿਲ੍ਹੇ ਦੇ ਪਿੰਡ ਕਲਾਂਕਾਹੁ ਲਾਗੇ ਇਕ ਖਾੜਕੂ ਭਾਈ ਮਹਿੰਦਰ ਸਿੰਘ ਪੁਲਿਸ ਹਿਰਾਸਤ 'ਚ ਫਰਾਰ ਹੋ ਗਏ। ਇਹ ਖਾੜਕੂ ਉਹਦ ਫਰਾਰ ਹੋਇਆ ਜਦੋਂ ਉਨ੍ਹਾਂ ਨੂੰ ਪੁਲਿਸ ਵਲੋਂ ਹਥਿਆਰਾਂ ਦੀ ਬਰਾਮਦਗੀ ਲਈ ਲਿਜਾਇਆ ਜਾ ਰਿਹਾ ਸੀ। ਪੁਲਿਸ ਅਨੁਸਾਰ ਇਸੇ ਤਰ੍ਹਾਂ ਸੰਗਰੂਰ ਦੇ ਪਿੰਡ ਗੰਗਣਵਾਲ ਲਾਗੇ ਇਕ ਹੋਰ ਖਾੜਕੂ ਫਰਾਰ ਹੋ ਗਿਆ ਜਦੋਂ ਪੁਲਿਸ ਉਸ ਨੂੰ ਹਥਿਆਰਾਂ ਦੀ ਬਰਾਮਦਗੀ ਲਈ ਲਿਜਾਇਆ ਜਾ ਰਿਹਾ ਸੀ।
